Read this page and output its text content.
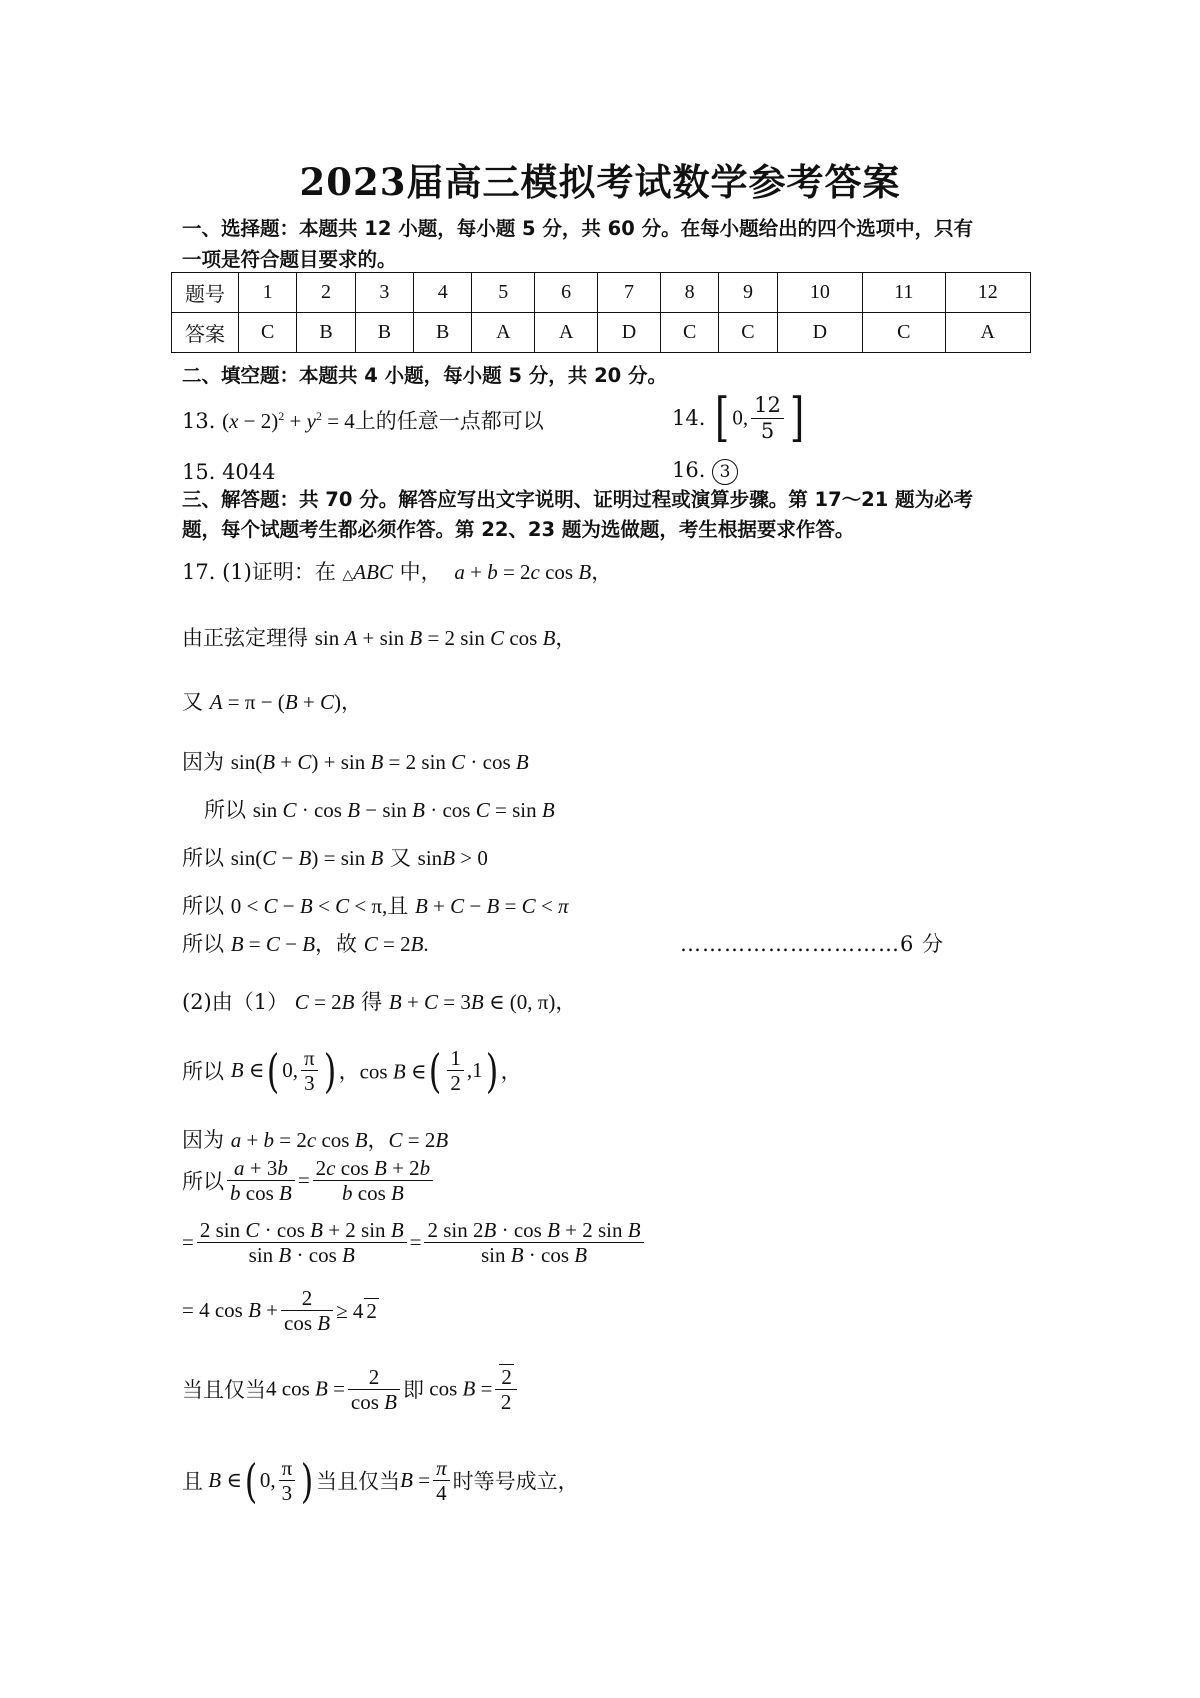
2023届高三模拟考试数学参考答案
一、选择题：本题共 12 小题，每小题 5 分，共 60 分。在每小题给出的四个选项中，只有
一项是符合题目要求的。
题号	1	2	3	4	5	6	7	8	9	10	11	12
答案	C	B	B	B	A	A	D	C	C	D	C	A
二、填空题：本题共 4 小题，每小题 5 分，共 20 分。
13. $(x - 2)^2 + y^2 = 4$上的任意一点都可以	14. [ 0, $\frac{12}{5}$ ]
15. 4044	16. 3
三、解答题：共 70 分。解答应写出文字说明、证明过程或演算步骤。第 17～21 题为必考
题，每个试题考生都必须作答。第 22、23 题为选做题，考生根据要求作答。
17. (1)证明：在 △ABC 中， a + b = 2c cos B，
由正弦定理得 sin A + sin B = 2 sin C cos B，
又 A = π − (B + C)，
因为 sin(B + C) + sin B = 2 sin C · cos B
所以 sin C · cos B − sin B · cos C = sin B
所以 sin(C − B) = sin B 又 sinB > 0
所以 0 < C − B < C < π,且 B + C − B = C < π
所以 B = C − B，故 C = 2B.	…………………………6 分
(2)由（1） C = 2B 得 B + C = 3B ∈ (0, π)，
所以 B ∈( 0, $\frac{\pi}{3}$ ) ，cos B ∈( $\frac{1}{2} ,1$) ，
因为 a + b = 2c cos B，C = 2B
所以 $\frac{a + 3b}{\text{b cos B}} = \frac{\text{2c cos B + 2b}}{\text{b cos B}}$
= $\frac{\text{2 sin C · cos B + 2 sin B}}{\text{sin B · cos B}} = \frac{\text{2 sin 2B · cos B + 2 sin B}}{\text{sin B · cos B}}$
= 4 $\cos B + \frac{2}{\text{cos B}} \ge 4$ 2
当且仅当4 $\cos B = \frac{2}{\text{cos B}}$ 即 $\cos B = \frac{2}{2}$
且 B ∈( 0, $\frac{\pi}{3}$ ) 当且仅当$B = \frac{\pi}{4}$ 时等号成立，
